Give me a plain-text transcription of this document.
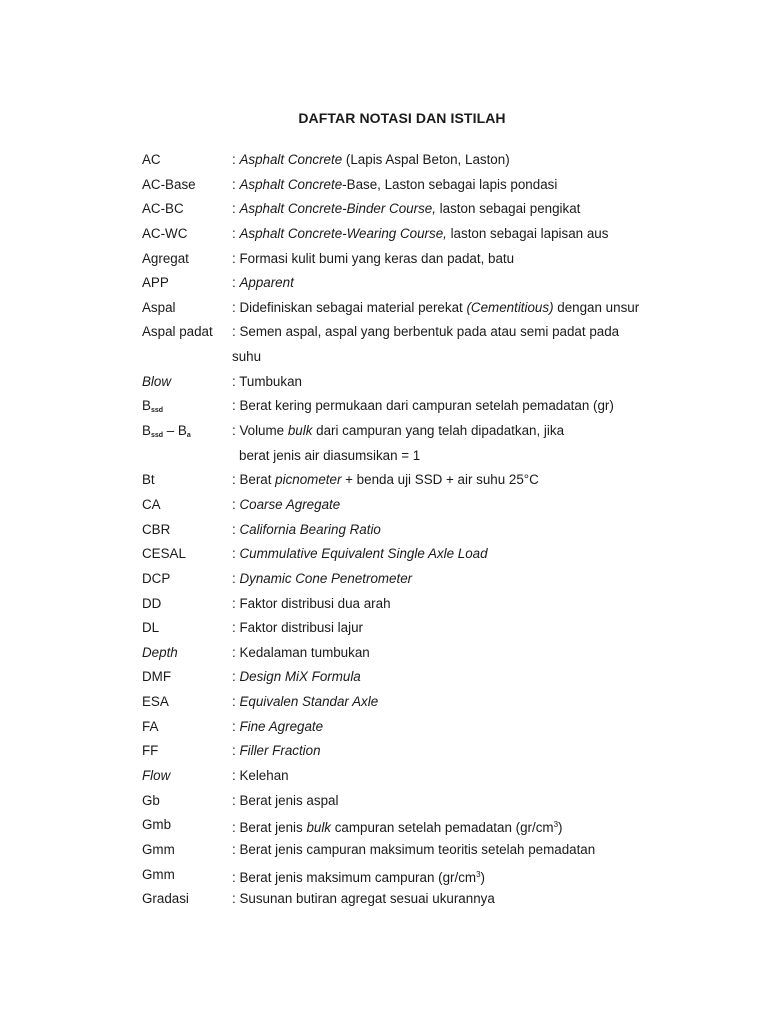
DAFTAR NOTASI DAN ISTILAH
AC	: Asphalt Concrete (Lapis Aspal Beton, Laston)
AC-Base	: Asphalt Concrete-Base, Laston sebagai lapis pondasi
AC-BC	: Asphalt Concrete-Binder Course, laston sebagai pengikat
AC-WC	: Asphalt Concrete-Wearing Course, laston sebagai lapisan aus
Agregat	: Formasi kulit bumi yang keras dan padat, batu
APP	: Apparent
Aspal	: Didefiniskan sebagai material perekat (Cementitious) dengan unsur
Aspal padat	: Semen aspal, aspal yang berbentuk pada atau semi padat pada
suhu
Blow	: Tumbukan
$B_{ssd}$	: Berat kering permukaan dari campuran setelah pemadatan (gr)
$B_{ssd} - B_a$	: Volume bulk dari campuran yang telah dipadatkan, jika
berat jenis air diasumsikan = 1
Bt	: Berat picnometer + benda uji SSD + air suhu 25°C
CA	: Coarse Agregate
CBR	: California Bearing Ratio
CESAL	: Cummulative Equivalent Single Axle Load
DCP	: Dynamic Cone Penetrometer
DD	: Faktor distribusi dua arah
DL	: Faktor distribusi lajur
Depth	: Kedalaman tumbukan
DMF	: Design MiX Formula
ESA	: Equivalen Standar Axle
FA	: Fine Agregate
FF	: Filler Fraction
Flow	: Kelehan
Gb	: Berat jenis aspal
Gmb	: Berat jenis bulk campuran setelah pemadatan $(gr/cm^3)$
Gmm	: Berat jenis campuran maksimum teoritis setelah pemadatan
Gmm	: Berat jenis maksimum campuran $(gr/cm^3)$
Gradasi	: Susunan butiran agregat sesuai ukurannya
